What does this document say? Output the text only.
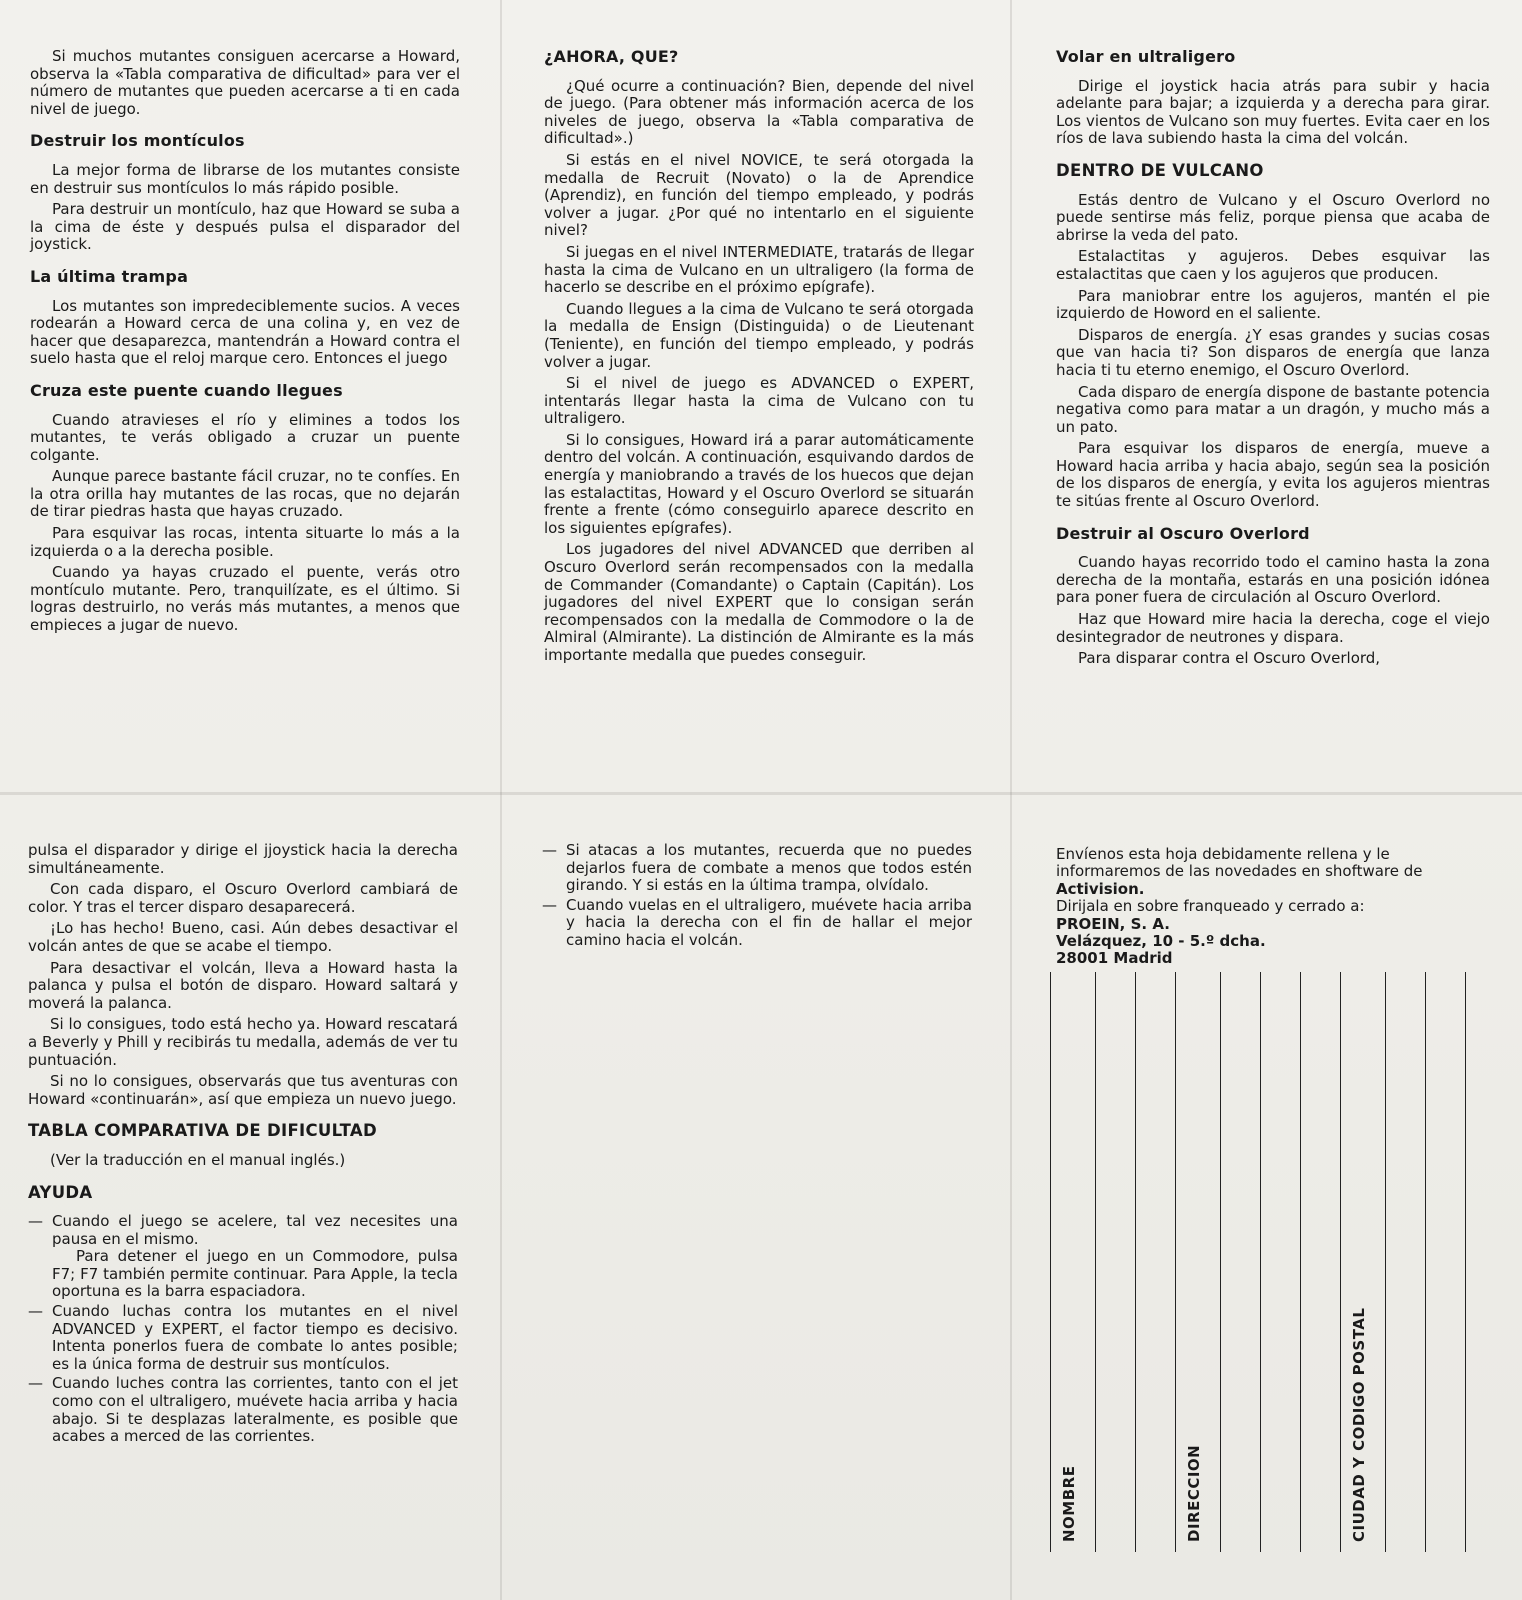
Si muchos mutantes consiguen acercarse a Howard, observa la «Tabla comparativa de dificultad» para ver el número de mutantes que pueden acercarse a ti en cada nivel de juego.

Destruir los montículos

La mejor forma de librarse de los mutantes consiste en destruir sus montículos lo más rápido posible.

Para destruir un montículo, haz que Howard se suba a la cima de éste y después pulsa el disparador del joystick.

La última trampa

Los mutantes son impredeciblemente sucios. A veces rodearán a Howard cerca de una colina y, en vez de hacer que desaparezca, mantendrán a Howard contra el suelo hasta que el reloj marque cero. Entonces el juego

Cruza este puente cuando llegues

Cuando atravieses el río y elimines a todos los mutantes, te verás obligado a cruzar un puente colgante.

Aunque parece bastante fácil cruzar, no te confíes. En la otra orilla hay mutantes de las rocas, que no dejarán de tirar piedras hasta que hayas cruzado.

Para esquivar las rocas, intenta situarte lo más a la izquierda o a la derecha posible.

Cuando ya hayas cruzado el puente, verás otro montículo mutante. Pero, tranquilízate, es el último. Si logras destruirlo, no verás más mutantes, a menos que empieces a jugar de nuevo.

¿AHORA, QUE?

¿Qué ocurre a continuación? Bien, depende del nivel de juego. (Para obtener más información acerca de los niveles de juego, observa la «Tabla comparativa de dificultad».)

Si estás en el nivel NOVICE, te será otorgada la medalla de Recruit (Novato) o la de Aprendice (Aprendiz), en función del tiempo empleado, y podrás volver a jugar. ¿Por qué no intentarlo en el siguiente nivel?

Si juegas en el nivel INTERMEDIATE, tratarás de llegar hasta la cima de Vulcano en un ultraligero (la forma de hacerlo se describe en el próximo epígrafe).

Cuando llegues a la cima de Vulcano te será otorgada la medalla de Ensign (Distinguida) o de Lieutenant (Teniente), en función del tiempo empleado, y podrás volver a jugar.

Si el nivel de juego es ADVANCED o EXPERT, intentarás llegar hasta la cima de Vulcano con tu ultraligero.

Si lo consigues, Howard irá a parar automáticamente dentro del volcán. A continuación, esquivando dardos de energía y maniobrando a través de los huecos que dejan las estalactitas, Howard y el Oscuro Overlord se situarán frente a frente (cómo conseguirlo aparece descrito en los siguientes epígrafes).

Los jugadores del nivel ADVANCED que derriben al Oscuro Overlord serán recompensados con la medalla de Commander (Comandante) o Captain (Capitán). Los jugadores del nivel EXPERT que lo consigan serán recompensados con la medalla de Commodore o la de Almiral (Almirante). La distinción de Almirante es la más importante medalla que puedes conseguir.

Volar en ultraligero

Dirige el joystick hacia atrás para subir y hacia adelante para bajar; a izquierda y a derecha para girar. Los vientos de Vulcano son muy fuertes. Evita caer en los ríos de lava subiendo hasta la cima del volcán.

DENTRO DE VULCANO

Estás dentro de Vulcano y el Oscuro Overlord no puede sentirse más feliz, porque piensa que acaba de abrirse la veda del pato.

Estalactitas y agujeros. Debes esquivar las estalactitas que caen y los agujeros que producen.

Para maniobrar entre los agujeros, mantén el pie izquierdo de Howord en el saliente.

Disparos de energía. ¿Y esas grandes y sucias cosas que van hacia ti? Son disparos de energía que lanza hacia ti tu eterno enemigo, el Oscuro Overlord.

Cada disparo de energía dispone de bastante potencia negativa como para matar a un dragón, y mucho más a un pato.

Para esquivar los disparos de energía, mueve a Howard hacia arriba y hacia abajo, según sea la posición de los disparos de energía, y evita los agujeros mientras te sitúas frente al Oscuro Overlord.

Destruir al Oscuro Overlord

Cuando hayas recorrido todo el camino hasta la zona derecha de la montaña, estarás en una posición idónea para poner fuera de circulación al Oscuro Overlord.

Haz que Howard mire hacia la derecha, coge el viejo desintegrador de neutrones y dispara.

Para disparar contra el Oscuro Overlord,

pulsa el disparador y dirige el jjoystick hacia la derecha simultáneamente.

Con cada disparo, el Oscuro Overlord cambiará de color. Y tras el tercer disparo desaparecerá.

¡Lo has hecho! Bueno, casi. Aún debes desactivar el volcán antes de que se acabe el tiempo.

Para desactivar el volcán, lleva a Howard hasta la palanca y pulsa el botón de disparo. Howard saltará y moverá la palanca.

Si lo consigues, todo está hecho ya. Howard rescatará a Beverly y Phill y recibirás tu medalla, además de ver tu puntuación.

Si no lo consigues, observarás que tus aventuras con Howard «continuarán», así que empieza un nuevo juego.

TABLA COMPARATIVA DE DIFICULTAD

(Ver la traducción en el manual inglés.)

AYUDA

— Cuando el juego se acelere, tal vez necesites una pausa en el mismo.

Para detener el juego en un Commodore, pulsa F7; F7 también permite continuar. Para Apple, la tecla oportuna es la barra espaciadora.

— Cuando luchas contra los mutantes en el nivel ADVANCED y EXPERT, el factor tiempo es decisivo. Intenta ponerlos fuera de combate lo antes posible; es la única forma de destruir sus montículos.

— Cuando luches contra las corrientes, tanto con el jet como con el ultraligero, muévete hacia arriba y hacia abajo. Si te desplazas lateralmente, es posible que acabes a merced de las corrientes.

— Si atacas a los mutantes, recuerda que no puedes dejarlos fuera de combate a menos que todos estén girando. Y si estás en la última trampa, olvídalo.

— Cuando vuelas en el ultraligero, muévete hacia arriba y hacia la derecha con el fin de hallar el mejor camino hacia el volcán.

Envíenos esta hoja debidamente rellena y le informaremos de las novedades en shoftware de Activision.
Dirijala en sobre franqueado y cerrado a:
PROEIN, S. A.
Velázquez, 10 - 5.º dcha.
28001 Madrid
NOMBRE	DIRECCION	CIUDAD Y CODIGO POSTAL
